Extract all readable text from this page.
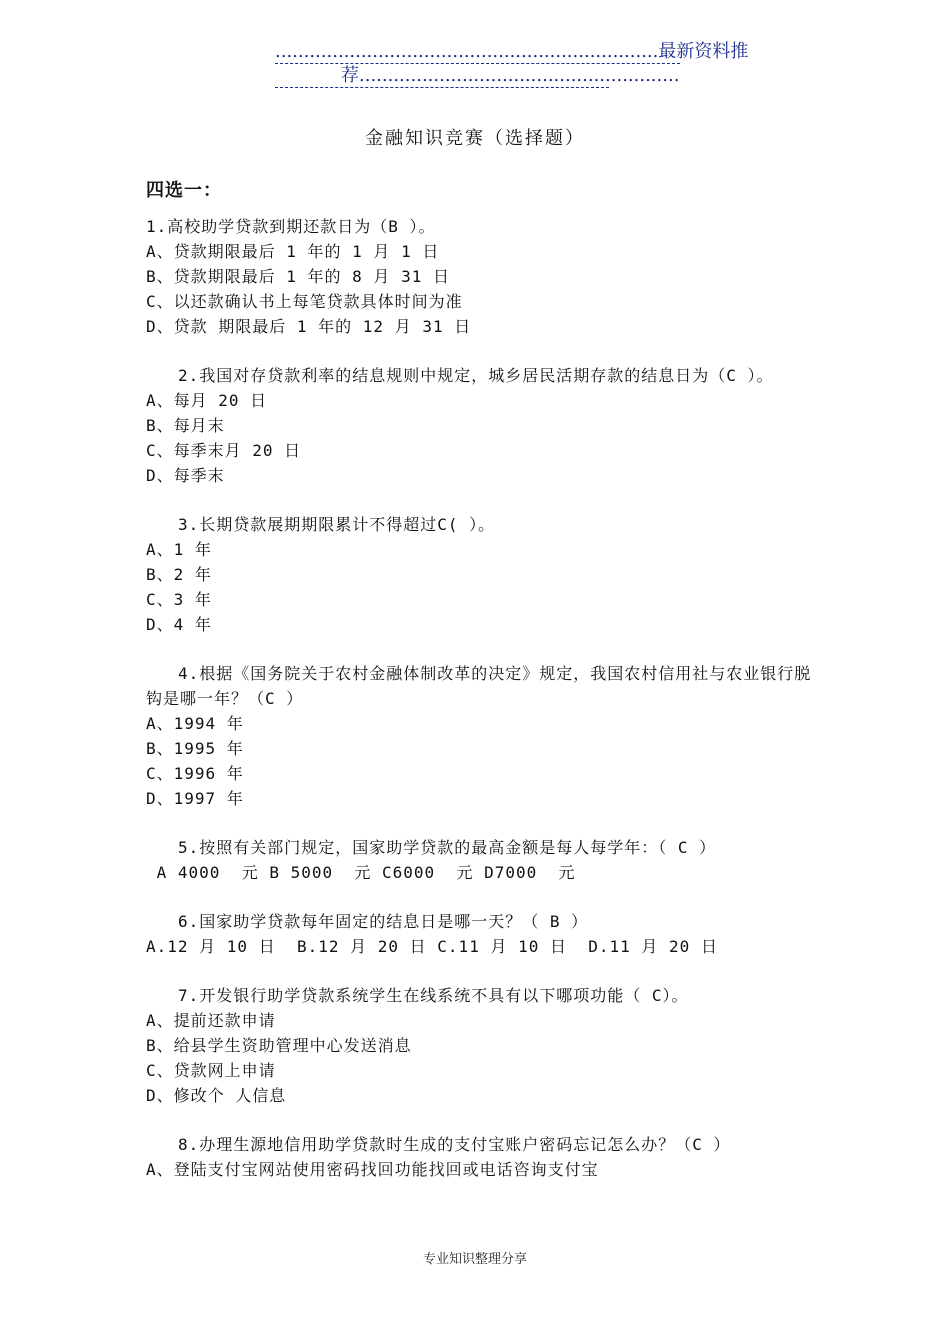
...................................................................最新资料推
荐........................................................
金融知识竞赛（选择题）
四选一：
1.高校助学贷款到期还款日为（B ）。
A、贷款期限最后 1 年的 1 月 1 日
B、贷款期限最后 1 年的 8 月 31 日
C、以还款确认书上每笔贷款具体时间为准
D、贷款 期限最后 1 年的 12 月 31 日
2.我国对存贷款利率的结息规则中规定，城乡居民活期存款的结息日为（C ）。
A、每月 20 日
B、每月末
C、每季末月 20 日
D、每季末
3.长期贷款展期期限累计不得超过C( ）。
A、1 年
B、2 年
C、3 年
D、4 年
4.根据《国务院关于农村金融体制改革的决定》规定，我国农村信用社与农业银行脱钩是哪一年？（C ）
A、1994 年
B、1995 年
C、1996 年
D、1997 年
5.按照有关部门规定，国家助学贷款的最高金额是每人每学年：（ C ）
A 4000  元 B 5000  元 C6000  元 D7000  元
6.国家助学贷款每年固定的结息日是哪一天？（ B ）
A.12 月 10 日  B.12 月 20 日 C.11 月 10 日  D.11 月 20 日
7.开发银行助学贷款系统学生在线系统不具有以下哪项功能（ C）。
A、提前还款申请
B、给县学生资助管理中心发送消息
C、贷款网上申请
D、修改个 人信息
8.办理生源地信用助学贷款时生成的支付宝账户密码忘记怎么办？（C ）
A、登陆支付宝网站使用密码找回功能找回或电话咨询支付宝
专业知识整理分享
